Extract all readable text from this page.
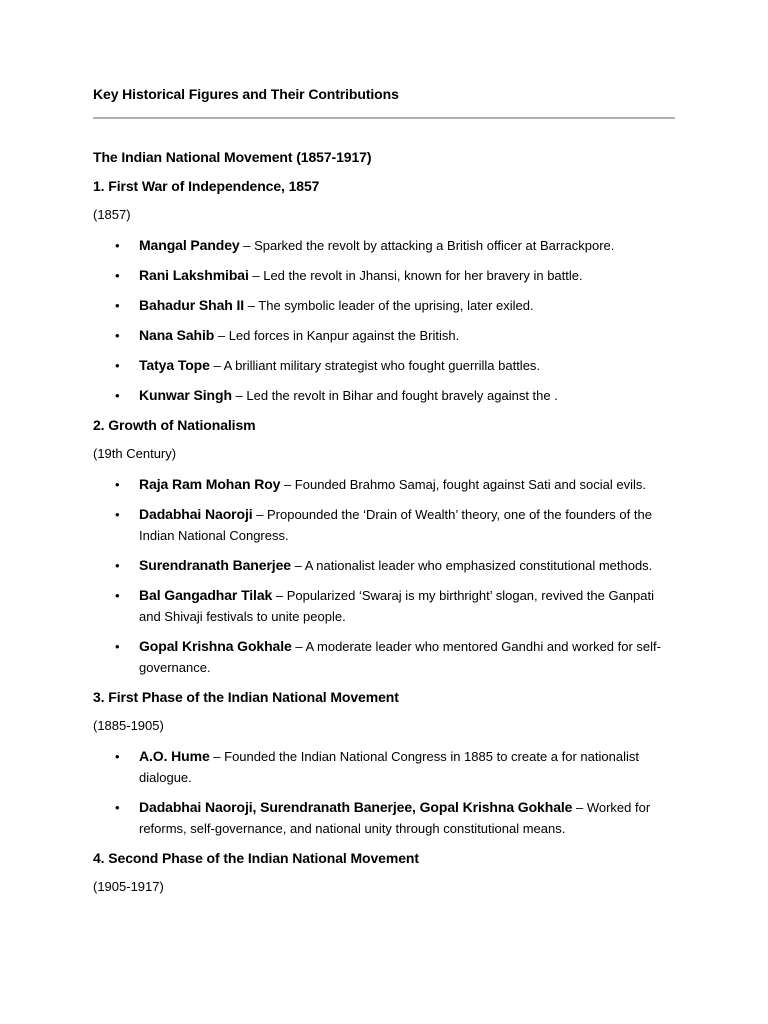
Key Historical Figures and Their Contributions
The Indian National Movement (1857-1917)
1. First War of Independence, 1857
(1857)
• Mangal Pandey – Sparked the revolt by attacking a British officer at Barrackpore.
• Rani Lakshmibai – Led the revolt in Jhansi, known for her bravery in battle.
• Bahadur Shah II – The symbolic leader of the uprising, later exiled.
• Nana Sahib – Led forces in Kanpur against the British.
• Tatya Tope – A brilliant military strategist who fought guerrilla battles.
• Kunwar Singh – Led the revolt in Bihar and fought bravely against the .
2. Growth of Nationalism
(19th Century)
• Raja Ram Mohan Roy – Founded Brahmo Samaj, fought against Sati and social evils.
• Dadabhai Naoroji – Propounded the ‘Drain of Wealth’ theory, one of the founders of the Indian National Congress.
• Surendranath Banerjee – A nationalist leader who emphasized constitutional methods.
• Bal Gangadhar Tilak – Popularized ‘Swaraj is my birthright’ slogan, revived the Ganpati and Shivaji festivals to unite people.
• Gopal Krishna Gokhale – A moderate leader who mentored Gandhi and worked for self-governance.
3. First Phase of the Indian National Movement
(1885-1905)
• A.O. Hume – Founded the Indian National Congress in 1885 to create a for nationalist dialogue.
• Dadabhai Naoroji, Surendranath Banerjee, Gopal Krishna Gokhale – Worked for reforms, self-governance, and national unity through constitutional means.
4. Second Phase of the Indian National Movement
(1905-1917)
